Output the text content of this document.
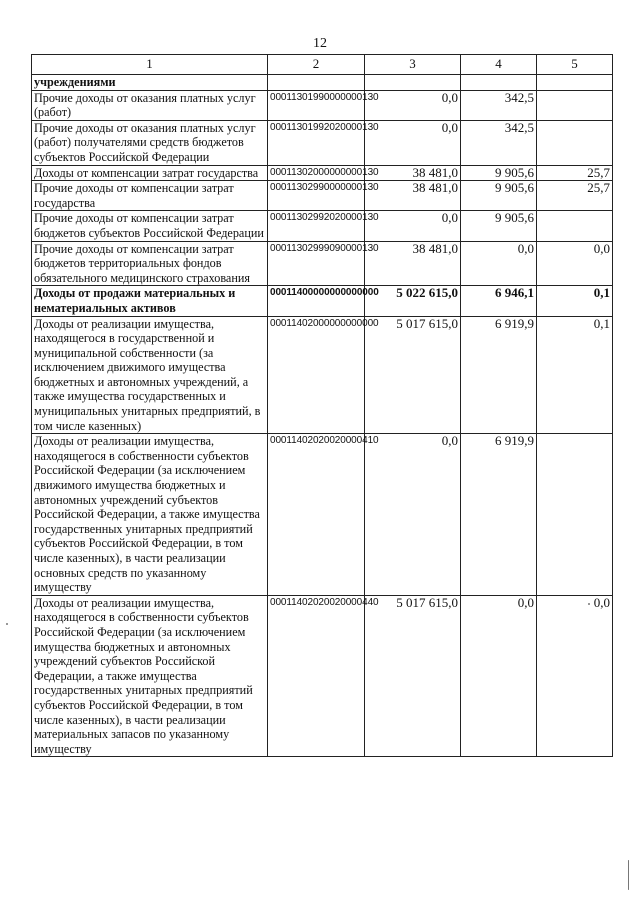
12
1	2	3	4	5
учреждениями				
Прочие доходы от оказания платных услуг (работ)	00011301990000000130	0,0	342,5	
Прочие доходы от оказания платных услуг (работ) получателями средств бюджетов субъектов Российской Федерации	00011301992020000130	0,0	342,5	
Доходы от компенсации затрат государства	00011302000000000130	38 481,0	9 905,6	25,7
Прочие доходы от компенсации затрат государства	00011302990000000130	38 481,0	9 905,6	25,7
Прочие доходы от компенсации затрат бюджетов субъектов Российской Федерации	00011302992020000130	0,0	9 905,6	
Прочие доходы от компенсации затрат бюджетов территориальных фондов обязательного медицинского страхования	00011302999090000130	38 481,0	0,0	0,0
Доходы от продажи материальных и нематериальных активов	00011400000000000000	5 022 615,0	6 946,1	0,1
Доходы от реализации имущества, находящегося в государственной и муниципальной собственности (за исключением движимого имущества бюджетных и автономных учреждений, а также имущества государственных и муниципальных унитарных предприятий, в том числе казенных)	00011402000000000000	5 017 615,0	6 919,9	0,1
Доходы от реализации имущества, находящегося в собственности субъектов Российской Федерации (за исключением движимого имущества бюджетных и автономных учреждений субъектов Российской Федерации, а также имущества государственных унитарных предприятий субъектов Российской Федерации, в том числе казенных), в части реализации основных средств по указанному имуществу	00011402020020000410	0,0	6 919,9	
Доходы от реализации имущества, находящегося в собственности субъектов Российской Федерации (за исключением имущества бюджетных и автономных учреждений субъектов Российской Федерации, а также имущества государственных унитарных предприятий субъектов Российской Федерации, в том числе казенных), в части реализации материальных запасов по указанному имуществу	00011402020020000440	5 017 615,0	0,0	0,0
